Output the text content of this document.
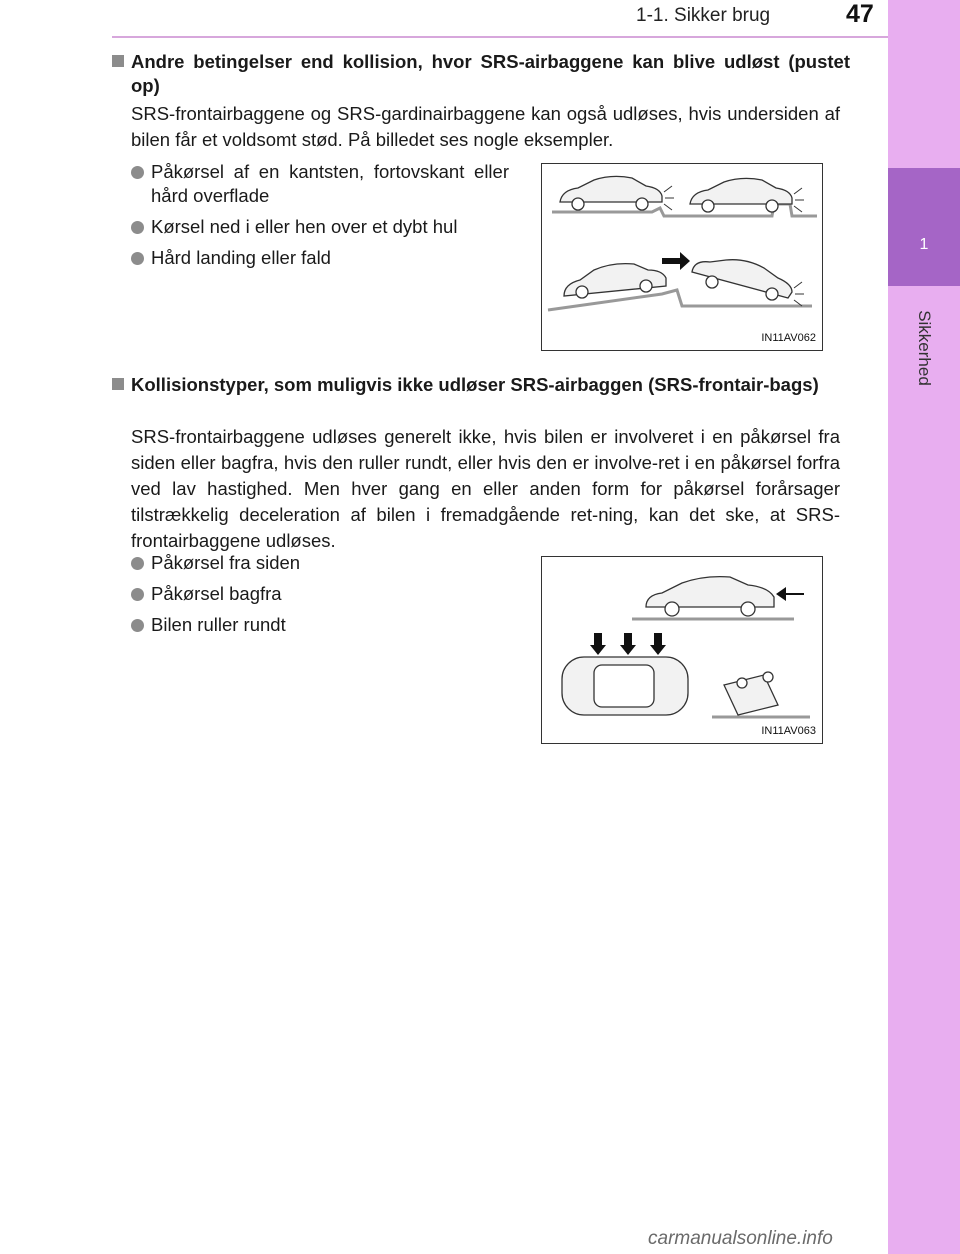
1-1. Sikker brug	47
1
Sikkerhed
Andre betingelser end kollision, hvor SRS-airbaggene kan blive udløst (pustet op)
SRS-frontairbaggene og SRS-gardinairbaggene kan også udløses, hvis undersiden af bilen får et voldsomt stød. På billedet ses nogle eksempler.
Påkørsel af en kantsten, fortovskant eller hård overflade
Kørsel ned i eller hen over et dybt hul
Hård landing eller fald
IN11AV062
Kollisionstyper, som muligvis ikke udløser SRS-airbaggen (SRS-frontair-bags)
SRS-frontairbaggene udløses generelt ikke, hvis bilen er involveret i en påkørsel fra siden eller bagfra, hvis den ruller rundt, eller hvis den er involve-ret i en påkørsel forfra ved lav hastighed. Men hver gang en eller anden form for påkørsel forårsager tilstrækkelig deceleration af bilen i fremadgående ret-ning, kan det ske, at SRS-frontairbaggene udløses.
Påkørsel fra siden
Påkørsel bagfra
Bilen ruller rundt
IN11AV063
carmanualsonline.info
